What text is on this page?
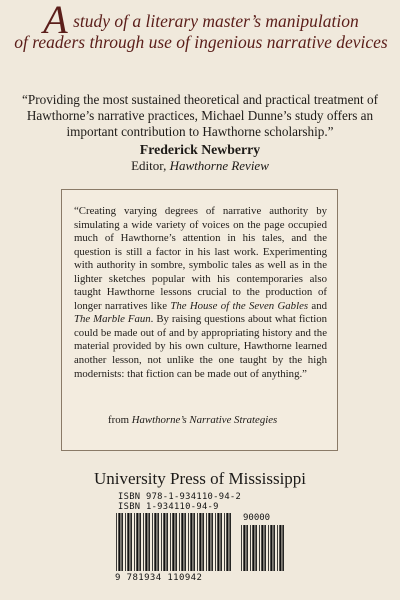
A study of a literary master’s manipulation
of readers through use of ingenious narrative devices
“Providing the most sustained theoretical and practical treatment of Hawthorne’s narrative practices, Michael Dunne’s study offers an important contribution to Hawthorne scholarship.”
Frederick Newberry
Editor, Hawthorne Review
“Creating varying degrees of narrative authority by simulating a wide variety of voices on the page occupied much of Hawthorne’s attention in his tales, and the question is still a factor in his last work. Experimenting with authority in sombre, symbolic tales as well as in the lighter sketches popular with his contemporaries also taught Hawthorne lessons crucial to the production of longer narratives like The House of the Seven Gables and The Marble Faun. By raising questions about what fiction could be made out of and by appropriating history and the material provided by his own culture, Hawthorne learned another lesson, not unlike the one taught by the high modernists: that fiction can be made out of anything.”
from Hawthorne’s Narrative Strategies
University Press of Mississippi
ISBN 978-1-934110-94-2
ISBN 1-934110-94-9
90000
9 781934 110942
